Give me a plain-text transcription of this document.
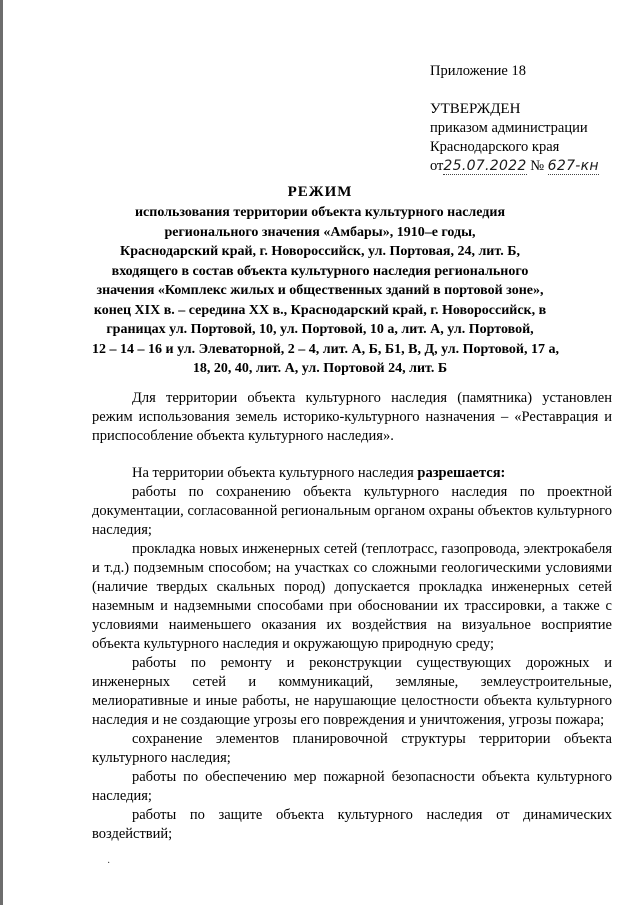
Приложение 18
УТВЕРЖДЕН
приказом администрации
Краснодарского края
от25.07.2022 № 627-кн
РЕЖИМ
использования территории объекта культурного наследия
регионального значения «Амбары», 1910–е годы,
Краснодарский край, г. Новороссийск, ул. Портовая, 24, лит. Б,
входящего в состав объекта культурного наследия регионального
значения «Комплекс жилых и общественных зданий в портовой зоне»,
конец XIX в. – середина XX в., Краснодарский край, г. Новороссийск, в
границах ул. Портовой, 10, ул. Портовой, 10 а, лит. А, ул. Портовой,
12 – 14 – 16 и ул. Элеваторной, 2 – 4, лит. А, Б, Б1, В, Д, ул. Портовой, 17 а,
18, 20, 40, лит. А, ул. Портовой 24, лит. Б

Для территории объекта культурного наследия (памятника) установлен режим использования земель историко-культурного назначения – «Реставрация и приспособление объекта культурного наследия».

На территории объекта культурного наследия разрешается:

работы по сохранению объекта культурного наследия по проектной документации, согласованной региональным органом охраны объектов культурного наследия;

прокладка новых инженерных сетей (теплотрасс, газопровода, электрокабеля и т.д.) подземным способом; на участках со сложными геологическими условиями (наличие твердых скальных пород) допускается прокладка инженерных сетей наземным и надземными способами при обосновании их трассировки, а также с условиями наименьшего оказания их воздействия на визуальное восприятие объекта культурного наследия и окружающую природную среду;

работы по ремонту и реконструкции существующих дорожных и инженерных сетей и коммуникаций, земляные, землеустроительные, мелиоративные и иные работы, не нарушающие целостности объекта культурного наследия и не создающие угрозы его повреждения и уничтожения, угрозы пожара;

сохранение элементов планировочной структуры территории объекта культурного наследия;

работы по обеспечению мер пожарной безопасности объекта культурного наследия;

работы по защите объекта культурного наследия от динамических воздействий;

·
